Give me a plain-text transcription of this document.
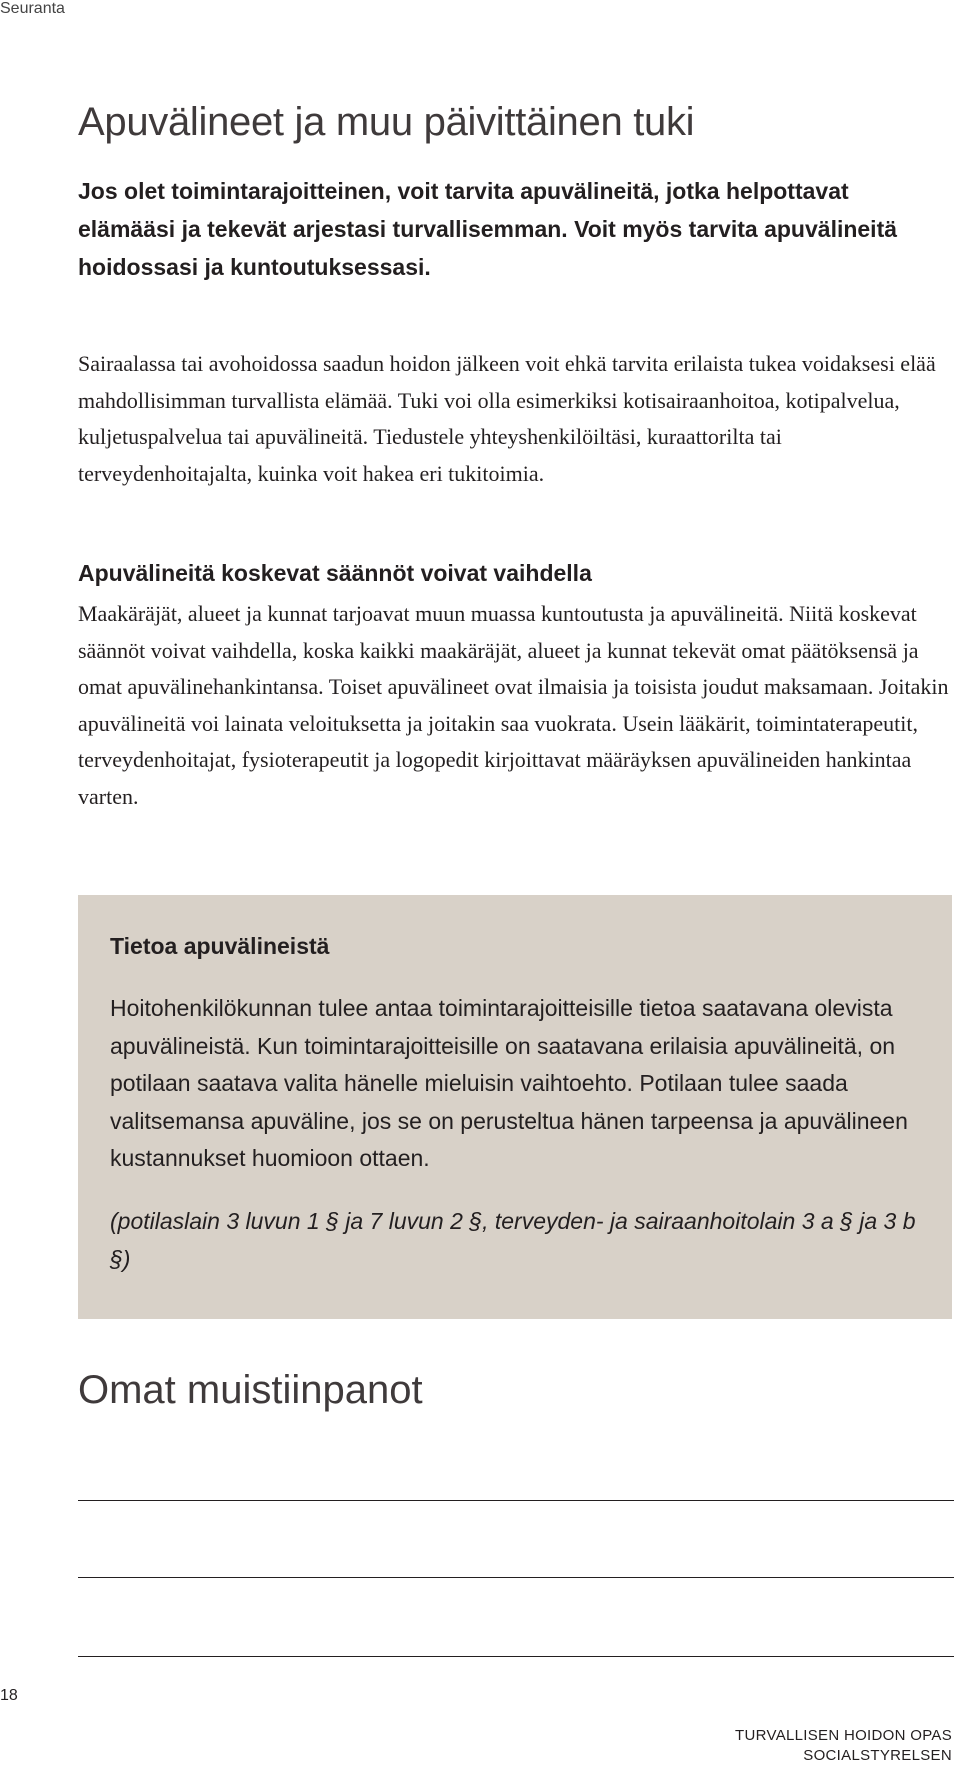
Seuranta
Apuvälineet ja muu päivittäinen tuki

Jos olet toimintarajoitteinen, voit tarvita apuvälineitä, jotka helpottavat elämääsi ja tekevät arjestasi turvallisemman. Voit myös tarvita apuvälineitä hoidossasi ja kuntoutuksessasi.

Sairaalassa tai avohoidossa saadun hoidon jälkeen voit ehkä tarvita erilaista tukea voidaksesi elää mahdollisimman turvallista elämää. Tuki voi olla esimerkiksi kotisairaanhoitoa, kotipalvelua, kuljetuspalvelua tai apuvälineitä. Tiedustele yhteyshenkilöiltäsi, kuraattorilta tai terveydenhoitajalta, kuinka voit hakea eri tukitoimia.

Apuvälineitä koskevat säännöt voivat vaihdella

Maakäräjät, alueet ja kunnat tarjoavat muun muassa kuntoutusta ja apuvälineitä. Niitä koskevat säännöt voivat vaihdella, koska kaikki maakäräjät, alueet ja kunnat tekevät omat päätöksensä ja omat apuvälinehankintansa. Toiset apuvälineet ovat ilmaisia ja toisista joudut maksamaan. Joitakin apuvälineitä voi lainata veloituksetta ja joitakin saa vuokrata. Usein lääkärit, toimintaterapeutit, terveydenhoitajat, fysioterapeutit ja logopedit kirjoittavat määräyksen apuvälineiden hankintaa varten.

Tietoa apuvälineistä

Hoitohenkilökunnan tulee antaa toimintarajoitteisille tietoa saatavana olevista apuvälineistä. Kun toimintarajoitteisille on saatavana erilaisia apuvälineitä, on potilaan saatava valita hänelle mieluisin vaihtoehto. Potilaan tulee saada valitsemansa apuväline, jos se on perusteltua hänen tarpeensa ja apuvälineen kustannukset huomioon ottaen.

(potilaslain 3 luvun 1 § ja 7 luvun 2 §, terveyden- ja sairaanhoitolain 3 a § ja 3 b §)

Omat muistiinpanot
18
TURVALLISEN HOIDON OPAS
SOCIALSTYRELSEN
